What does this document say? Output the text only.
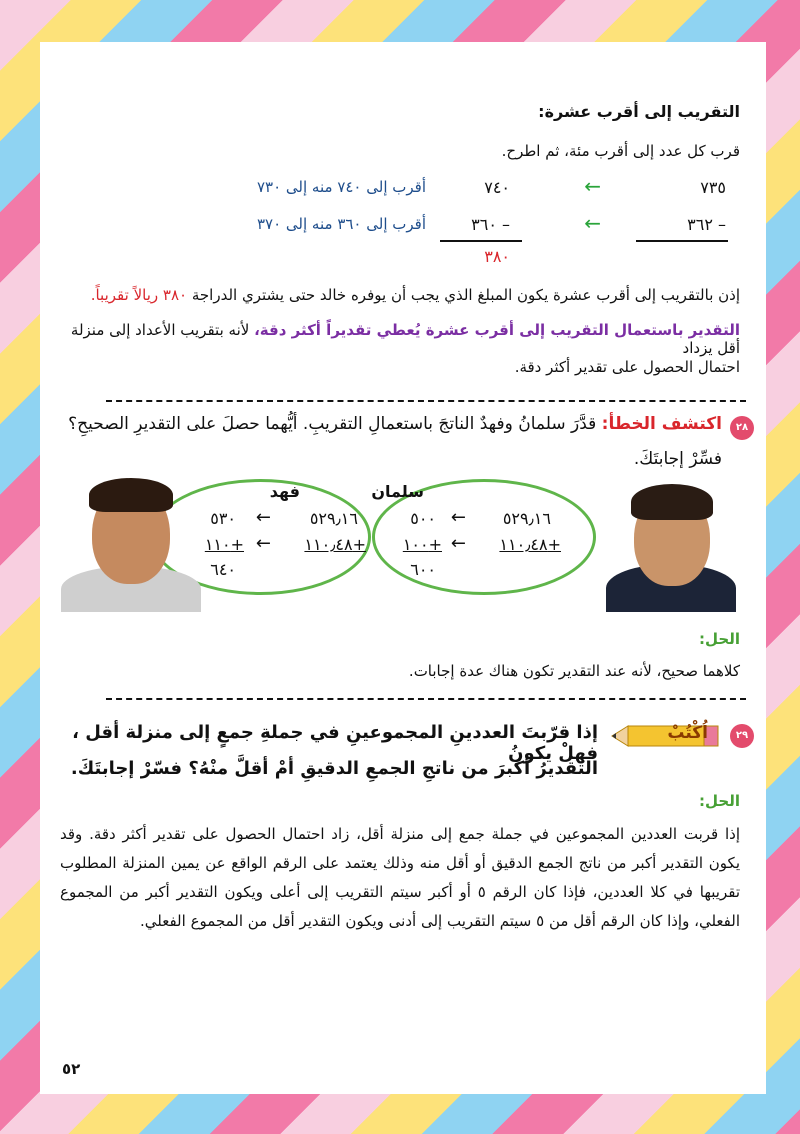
التقريب إلى أقرب عشرة:
قرب كل عدد إلى أقرب مئة، ثم اطرح.
٧٣٥
←
٧٤٠
أقرب إلى ٧٤٠ منه إلى ٧٣٠
– ٣٦٢
←
– ٣٦٠
أقرب إلى ٣٦٠ منه إلى ٣٧٠
٣٨٠
إذن بالتقريب إلى أقرب عشرة يكون المبلغ الذي يجب أن يوفره خالد حتى يشتري الدراجة ٣٨٠ ريالاً تقريباً.
التقدير باستعمال التقريب إلى أقرب عشرة يُعطي تقديراً أكثر دقة، لأنه بتقريب الأعداد إلى منزلة أقل يزداد
احتمال الحصول على تقدير أكثر دقة.
٢٨
اكتشف الخطأ: قدَّرَ سلمانُ وفهدٌ الناتجَ باستعمالِ التقريبِ. أيُّهما حصلَ على التقديرِ الصحيحِ؟
فسِّرْ إجابتَكَ.
سلمان
٥٢٩٫١٦
←
٥٠٠
+١١٠٫٤٨
←
+١٠٠
٦٠٠
فهد
٥٢٩٫١٦
←
٥٣٠
+١١٠٫٤٨
←
+١١٠
٦٤٠
الحل:
كلاهما صحيح، لأنه عند التقدير تكون هناك عدة إجابات.
٢٩
اُكْتُبْ
إذا قرّبتَ العددينِ المجموعينِ في جملةِ جمعٍ إلى منزلة أقل ، فهلْ يكونُ
التقديرُ أكبرَ من ناتجِ الجمعِ الدقيقِ أمْ أقلَّ منْهُ؟ فسّرْ إجابتَكَ.
الحل:
إذا قربت العددين المجموعين في جملة جمع إلى منزلة أقل، زاد احتمال الحصول على تقدير أكثر دقة. وقد يكون التقدير أكبر من ناتج الجمع الدقيق أو أقل منه وذلك يعتمد على الرقم الواقع عن يمين المنزلة المطلوب تقريبها في كلا العددين، فإذا كان الرقم ٥ أو أكبر سيتم التقريب إلى أعلى ويكون التقدير أكبر من المجموع الفعلي، وإذا كان الرقم أقل من ٥ سيتم التقريب إلى أدنى ويكون التقدير أقل من المجموع الفعلي.
٥٢
